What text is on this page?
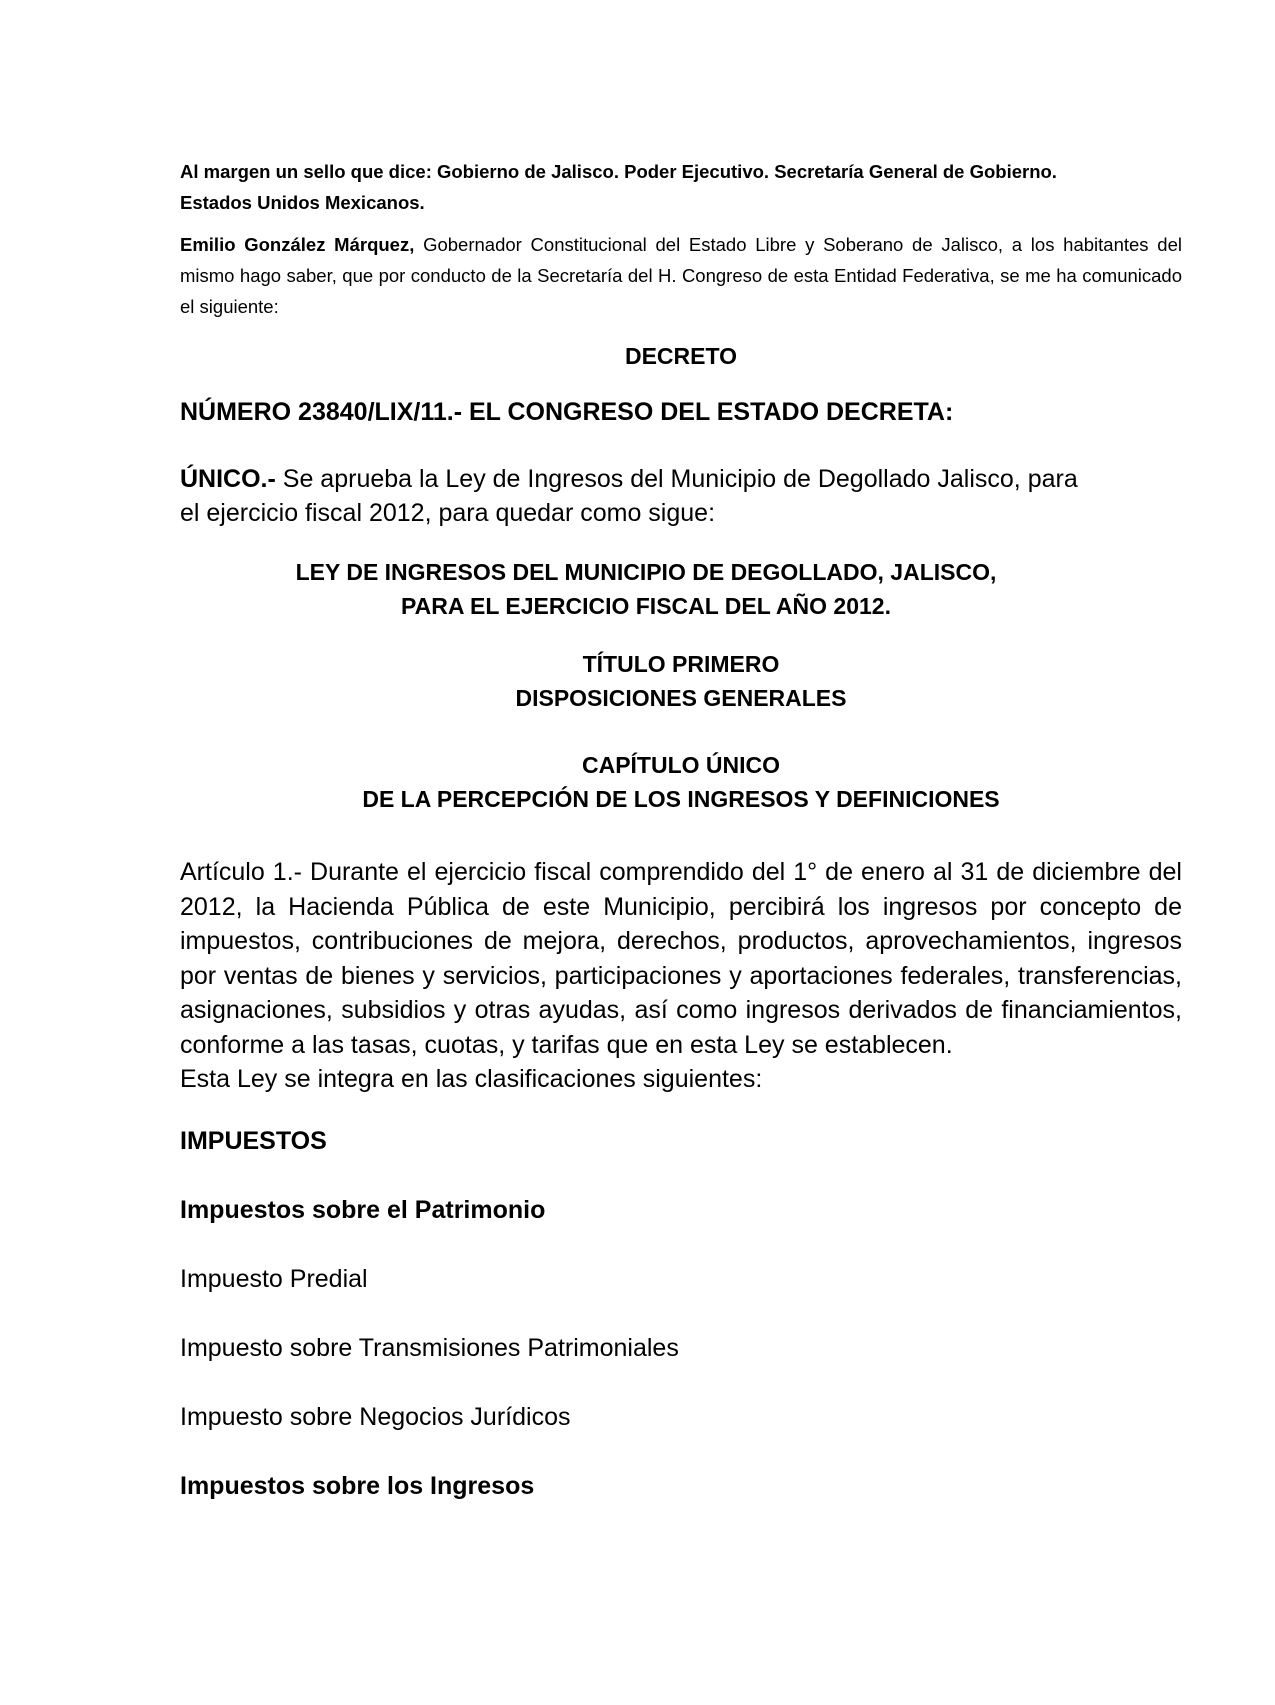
Al margen un sello que dice: Gobierno de Jalisco. Poder Ejecutivo. Secretaría General de Gobierno.
Estados Unidos Mexicanos.

Emilio González Márquez, Gobernador Constitucional del Estado Libre y Soberano de Jalisco, a los habitantes del mismo hago saber, que por conducto de la Secretaría del H. Congreso de esta Entidad Federativa, se me ha comunicado el siguiente:

DECRETO
NÚMERO 23840/LIX/11.- EL CONGRESO DEL ESTADO DECRETA:
ÚNICO.- Se aprueba la Ley de Ingresos del Municipio de Degollado Jalisco, para
el ejercicio fiscal 2012, para quedar como sigue:
LEY DE INGRESOS DEL MUNICIPIO DE DEGOLLADO, JALISCO,
PARA EL EJERCICIO FISCAL DEL AÑO 2012.
TÍTULO PRIMERO
DISPOSICIONES GENERALES
CAPÍTULO ÚNICO
DE LA PERCEPCIÓN DE LOS INGRESOS Y DEFINICIONES

Artículo 1.- Durante el ejercicio fiscal comprendido del 1° de enero al 31 de diciembre del 2012, la Hacienda Pública de este Municipio, percibirá los ingresos por concepto de impuestos, contribuciones de mejora, derechos, productos, aprovechamientos, ingresos por ventas de bienes y servicios, participaciones y aportaciones federales, transferencias, asignaciones, subsidios y otras ayudas, así como ingresos derivados de financiamientos, conforme a las tasas, cuotas, y tarifas que en esta Ley se establecen.

Esta Ley se integra en las clasificaciones siguientes:

IMPUESTOS
Impuestos sobre el Patrimonio
Impuesto Predial
Impuesto sobre Transmisiones Patrimoniales
Impuesto sobre Negocios Jurídicos
Impuestos sobre los Ingresos
